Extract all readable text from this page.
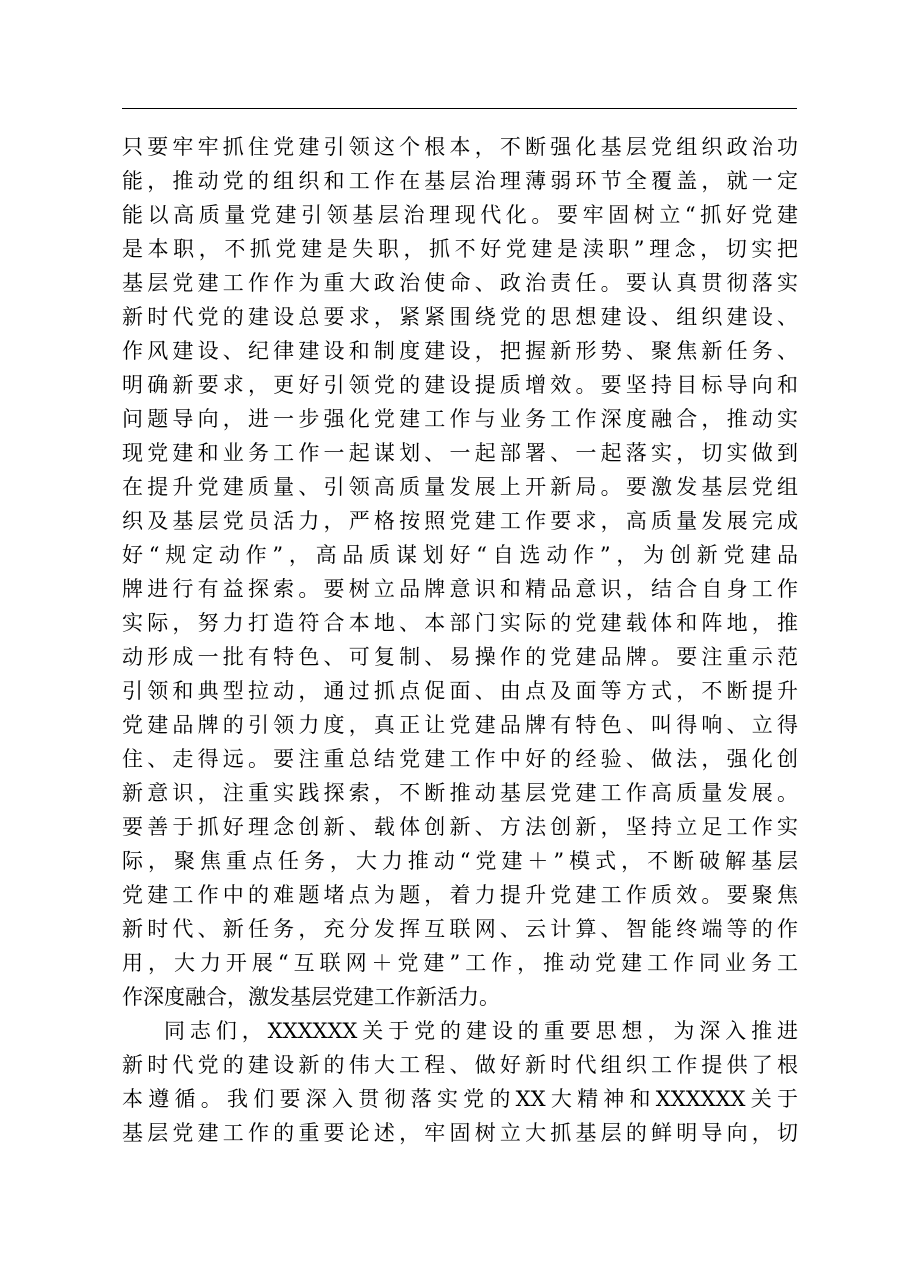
只要牢牢抓住党建引领这个根本，不断强化基层党组织政治功
能，推动党的组织和工作在基层治理薄弱环节全覆盖，就一定
能以高质量党建引领基层治理现代化。要牢固树立“抓好党建
是本职，不抓党建是失职，抓不好党建是渎职”理念，切实把
基层党建工作作为重大政治使命、政治责任。要认真贯彻落实
新时代党的建设总要求，紧紧围绕党的思想建设、组织建设、
作风建设、纪律建设和制度建设，把握新形势、聚焦新任务、
明确新要求，更好引领党的建设提质增效。要坚持目标导向和
问题导向，进一步强化党建工作与业务工作深度融合，推动实
现党建和业务工作一起谋划、一起部署、一起落实，切实做到
在提升党建质量、引领高质量发展上开新局。要激发基层党组
织及基层党员活力，严格按照党建工作要求，高质量发展完成
好“规定动作”，高品质谋划好“自选动作”，为创新党建品
牌进行有益探索。要树立品牌意识和精品意识，结合自身工作
实际，努力打造符合本地、本部门实际的党建载体和阵地，推
动形成一批有特色、可复制、易操作的党建品牌。要注重示范
引领和典型拉动，通过抓点促面、由点及面等方式，不断提升
党建品牌的引领力度，真正让党建品牌有特色、叫得响、立得
住、走得远。要注重总结党建工作中好的经验、做法，强化创
新意识，注重实践探索，不断推动基层党建工作高质量发展。
要善于抓好理念创新、载体创新、方法创新，坚持立足工作实
际，聚焦重点任务，大力推动“党建＋”模式，不断破解基层
党建工作中的难题堵点为题，着力提升党建工作质效。要聚焦
新时代、新任务，充分发挥互联网、云计算、智能终端等的作
用，大力开展“互联网＋党建”工作，推动党建工作同业务工
作深度融合，激发基层党建工作新活力。
同志们，XXXXXX关于党的建设的重要思想，为深入推进
新时代党的建设新的伟大工程、做好新时代组织工作提供了根
本遵循。我们要深入贯彻落实党的XX大精神和XXXXXX关于
基层党建工作的重要论述，牢固树立大抓基层的鲜明导向，切
